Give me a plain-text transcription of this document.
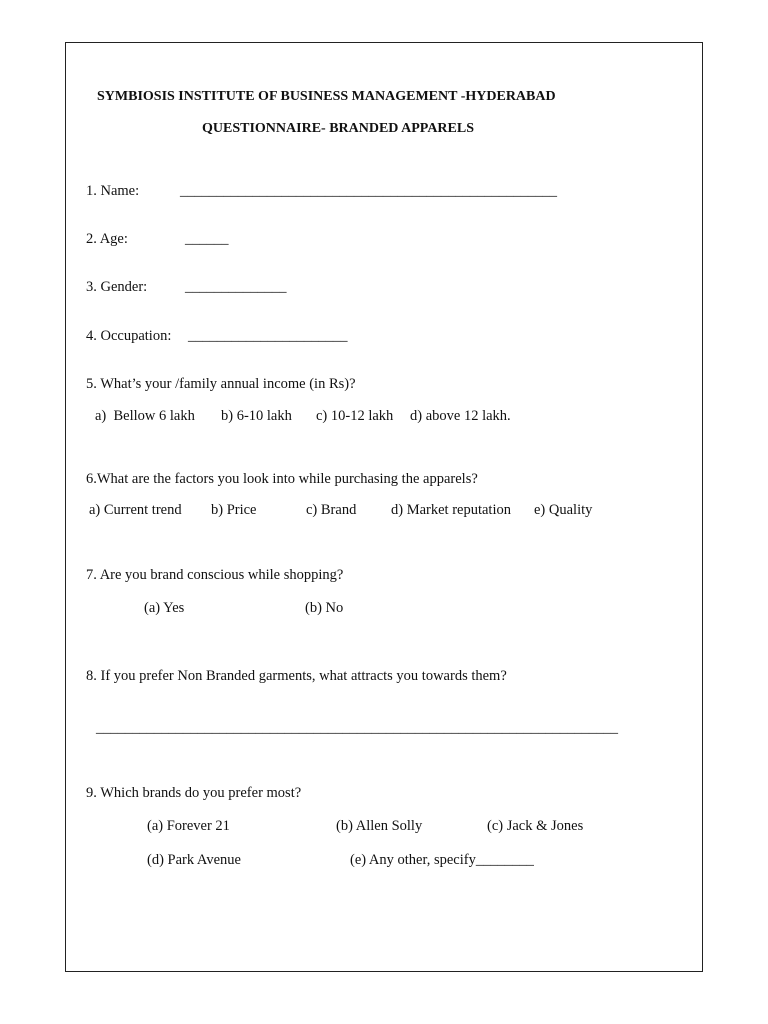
SYMBIOSIS INSTITUTE OF BUSINESS MANAGEMENT -HYDERABAD
QUESTIONNAIRE- BRANDED APPARELS
1. Name:	____________________________________________________
2. Age:	______
3. Gender:	______________
4. Occupation: ______________________
5. What’s your /family annual income (in Rs)?
a)  Bellow 6 lakh b) 6-10 lakh c) 10-12 lakh d) above 12 lakh.
6.What are the factors you look into while purchasing the apparels?
a) Current trend b) Price	c) Brand d) Market reputation e) Quality
7. Are you brand conscious while shopping?
(a) Yes	(b) No
8. If you prefer Non Branded garments, what attracts you towards them?
________________________________________________________________________
9. Which brands do you prefer most?
(a) Forever 21	(b) Allen Solly	(c) Jack & Jones
(d) Park Avenue	(e) Any other, specify________
